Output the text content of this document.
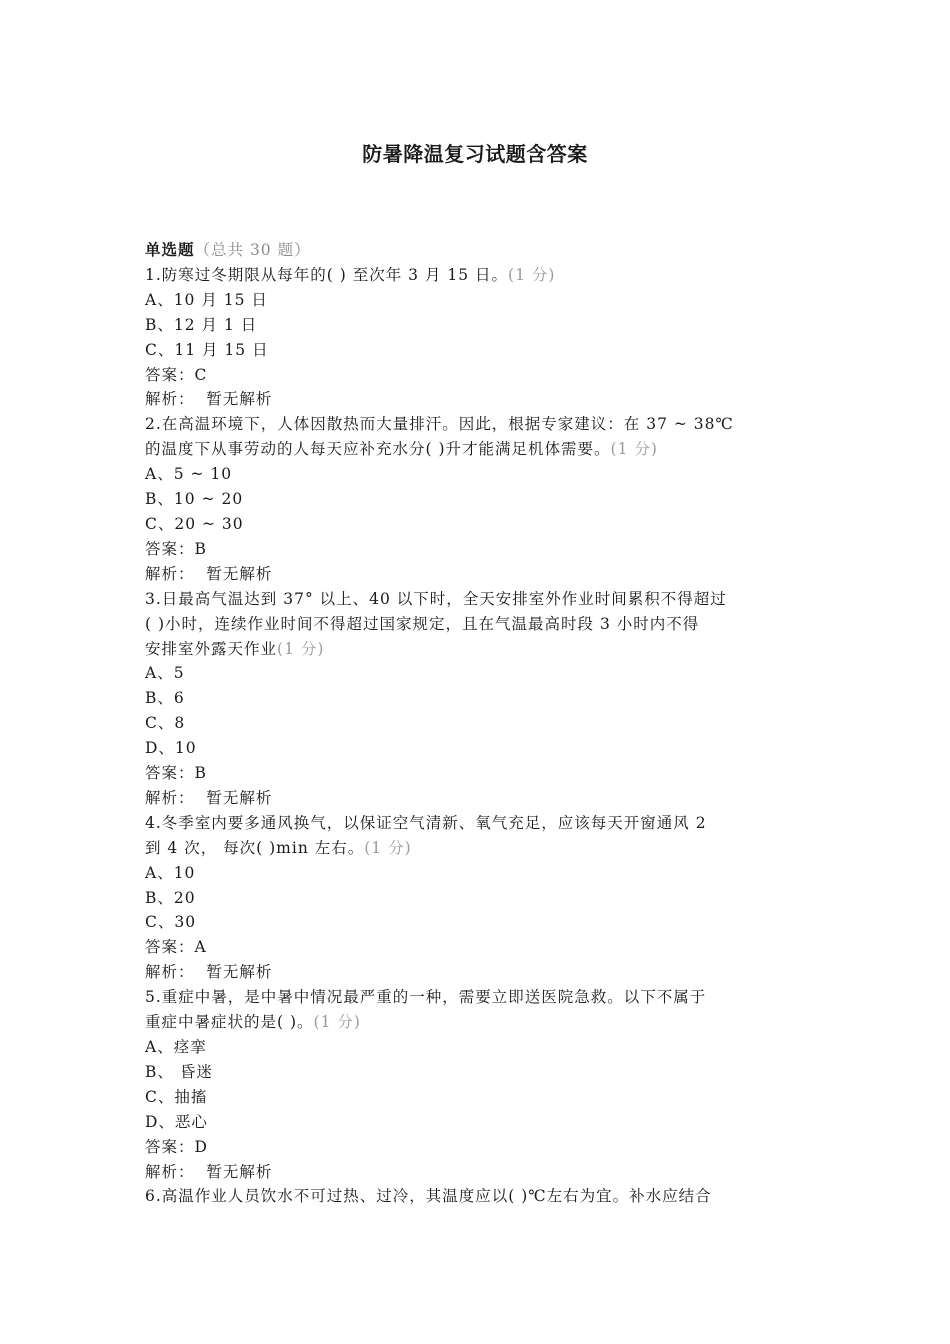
防暑降温复习试题含答案

单选题（总共 30 题）

1.防寒过冬期限从每年的( ) 至次年 3 月 15 日。(1 分)

A、10 月 15 日

B、12 月 1 日

C、11 月 15 日

答案：C

解析： 暂无解析

2.在高温环境下，人体因散热而大量排汗。因此，根据专家建议：在 37 ~ 38℃

的温度下从事劳动的人每天应补充水分( )升才能满足机体需要。(1 分)

A、5 ~ 10

B、10 ~ 20

C、20 ~ 30

答案：B

解析： 暂无解析

3.日最高气温达到 37° 以上、40 以下时，全天安排室外作业时间累积不得超过

( )小时，连续作业时间不得超过国家规定，且在气温最高时段 3 小时内不得

安排室外露天作业(1 分)

A、5

B、6

C、8

D、10

答案：B

解析： 暂无解析

4.冬季室内要多通风换气，以保证空气清新、氧气充足，应该每天开窗通风 2

到 4 次， 每次( )min 左右。(1 分)

A、10

B、20

C、30

答案：A

解析： 暂无解析

5.重症中暑，是中暑中情况最严重的一种，需要立即送医院急救。以下不属于

重症中暑症状的是( )。(1 分)

A、痉挛

B、 昏迷

C、抽搐

D、恶心

答案：D

解析： 暂无解析

6.高温作业人员饮水不可过热、过冷，其温度应以( )℃左右为宜。补水应结合
